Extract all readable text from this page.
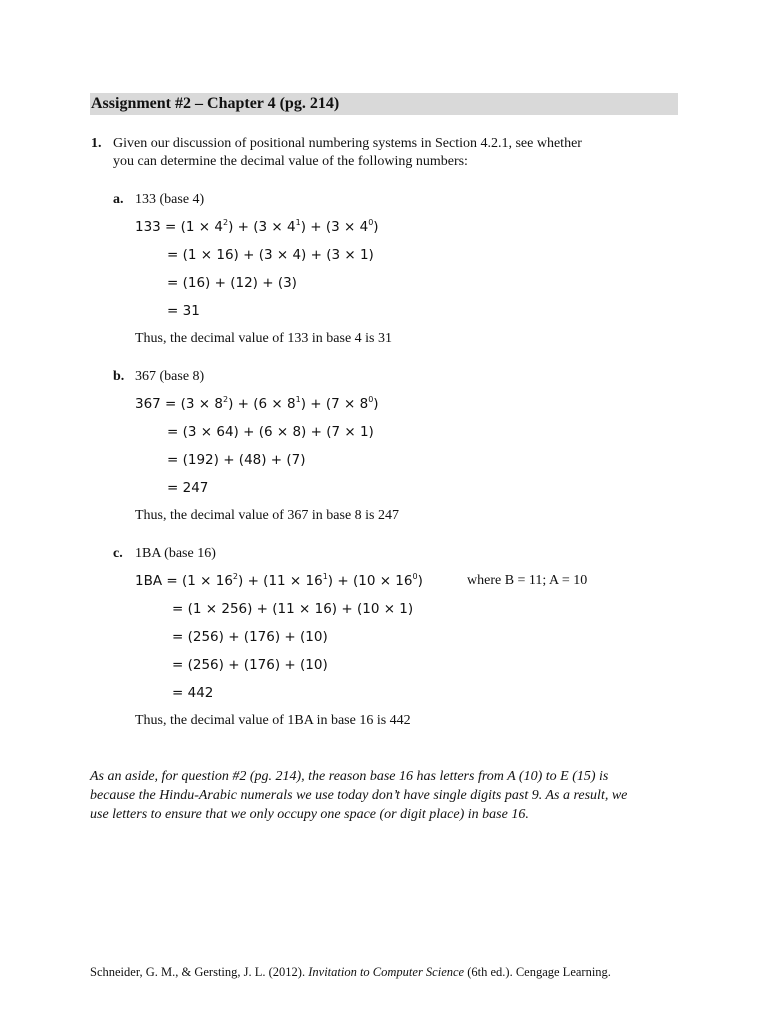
Assignment #2 – Chapter 4 (pg. 214)
1. Given our discussion of positional numbering systems in Section 4.2.1, see whether
you can determine the decimal value of the following numbers:
a. 133 (base 4)
$133 = (1 \times 4^2) + (3 \times 4^1) + (3 \times 4^0)$
= (1 × 16) + (3 × 4) + (3 × 1)
= (16) + (12) + (3)
= 31
Thus, the decimal value of 133 in base 4 is 31
b. 367 (base 8)
$367 = (3 \times 8^2) + (6 \times 8^1) + (7 \times 8^0)$
= (3 × 64) + (6 × 8) + (7 × 1)
= (192) + (48) + (7)
= 247
Thus, the decimal value of 367 in base 8 is 247
c. 1BA (base 16)
$1BA = (1 \times 16^2) + (11 \times 16^1) + (10 \times 16^0)$	where B = 11; A = 10
= (1 × 256) + (11 × 16) + (10 × 1)
= (256) + (176) + (10)
= (256) + (176) + (10)
= 442
Thus, the decimal value of 1BA in base 16 is 442
As an aside, for question #2 (pg. 214), the reason base 16 has letters from A (10) to E (15) is
because the Hindu-Arabic numerals we use today don’t have single digits past 9. As a result, we
use letters to ensure that we only occupy one space (or digit place) in base 16.
Schneider, G. M., & Gersting, J. L. (2012). Invitation to Computer Science (6th ed.). Cengage Learning.
